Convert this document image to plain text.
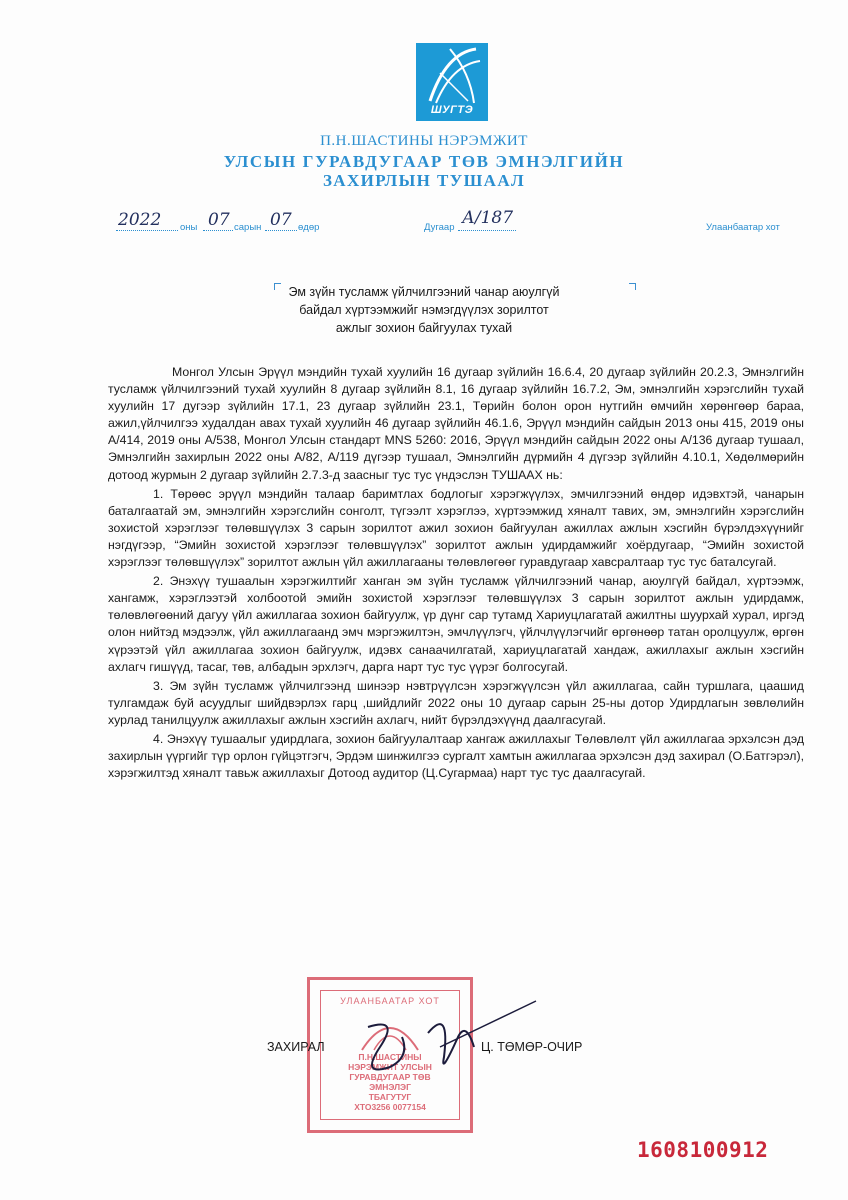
ШУГТЭ
П.Н.ШАСТИНЫ НЭРЭМЖИТ
УЛСЫН ГУРАВДУГААР ТӨВ ЭМНЭЛГИЙН
ЗАХИРЛЫН ТУШААЛ
2022 оны 07 сарын 07 өдөр	Дугаар А/187	Улаанбаатар хот
Эм зүйн тусламж үйлчилгээний чанар аюулгүй
байдал хүртээмжийг нэмэгдүүлэх зорилтот
ажлыг зохион байгуулах тухай

Монгол Улсын Эрүүл мэндийн тухай хуулийн 16 дугаар зүйлийн 16.6.4, 20 дугаар зүйлийн 20.2.3, Эмнэлгийн тусламж үйлчилгээний тухай хуулийн 8 дугаар зүйлийн 8.1, 16 дугаар зүйлийн 16.7.2, Эм, эмнэлгийн хэрэгслийн тухай хуулийн 17 дугээр зүйлийн 17.1, 23 дугаар зүйлийн 23.1, Төрийн болон орон нутгийн өмчийн хөрөнгөөр бараа, ажил,үйлчилгээ худалдан авах тухай хуулийн 46 дугаар зүйлийн 46.1.6, Эрүүл мэндийн сайдын 2013 оны 415, 2019 оны А/414, 2019 оны А/538, Монгол Улсын стандарт MNS 5260: 2016, Эрүүл мэндийн сайдын 2022 оны А/136 дугаар тушаал, Эмнэлгийн захирлын 2022 оны А/82, А/119 дүгээр тушаал, Эмнэлгийн дүрмийн 4 дүгээр зүйлийн 4.10.1, Хөдөлмөрийн дотоод журмын 2 дугаар зүйлийн 2.7.3-д заасныг тус тус үндэслэн ТУШААХ нь:

1. Төрөөс эрүүл мэндийн талаар баримтлах бодлогыг хэрэгжүүлэх, эмчилгээний өндөр идэвхтэй, чанарын баталгаатай эм, эмнэлгийн хэрэгслийн сонголт, түгээлт хэрэглээ, хүртээмжид хяналт тавих, эм, эмнэлгийн хэрэгслийн зохистой хэрэглээг төлөвшүүлэх 3 сарын зорилтот ажил зохион байгуулан ажиллах ажлын хэсгийн бүрэлдэхүүнийг нэгдүгээр, “Эмийн зохистой хэрэглээг төлөвшүүлэх” зорилтот ажлын удирдамжийг хоёрдугаар, “Эмийн зохистой хэрэглээг төлөвшүүлэх” зорилтот ажлын үйл ажиллагааны төлөвлөгөөг гуравдугаар хавсралтаар тус тус баталсугай.

2. Энэхүү тушаалын хэрэгжилтийг ханган эм зүйн тусламж үйлчилгээний чанар, аюулгүй байдал, хүртээмж, хангамж, хэрэглээтэй холбоотой эмийн зохистой хэрэглээг төлөвшүүлэх 3 сарын зорилтот ажлын удирдамж, төлөвлөгөөний дагуу үйл ажиллагаа зохион байгуулж, үр дүнг сар тутамд Хариуцлагатай ажилтны шуурхай хурал, иргэд олон нийтэд мэдээлж, үйл ажиллагаанд эмч мэргэжилтэн, эмчлүүлэгч, үйлчлүүлэгчийг өргөнөөр татан оролцуулж, өргөн хүрээтэй үйл ажиллагаа зохион байгуулж, идэвх санаачилгатай, хариуцлагатай хандаж, ажиллахыг ажлын хэсгийн ахлагч гишүүд, тасаг, төв, албадын эрхлэгч, дарга нарт тус тус үүрэг болгосугай.

3. Эм зүйн тусламж үйлчилгээнд шинээр нэвтрүүлсэн хэрэгжүүлсэн үйл ажиллагаа, сайн туршлага, цаашид тулгамдаж буй асуудлыг шийдвэрлэх гарц ,шийдлийг 2022 оны 10 дугаар сарын 25-ны дотор Удирдлагын зөвлөлийн хурлад танилцуулж ажиллахыг ажлын хэсгийн ахлагч, нийт бүрэлдэхүүнд даалгасугай.

4. Энэхүү тушаалыг удирдлага, зохион байгуулалтаар хангаж ажиллахыг Төлөвлөлт үйл ажиллагаа эрхэлсэн дэд захирлын үүргийг түр орлон гүйцэтгэгч, Эрдэм шинжилгээ сургалт хамтын ажиллагаа эрхэлсэн дэд захирал (О.Батгэрэл), хэрэгжилтэд хяналт тавьж ажиллахыг Дотоод аудитор (Ц.Сугармаа) нарт тус тус даалгасугай.

УЛААНБААТАР ХОТ
П.Н.ШАСТИНЫ
НЭРЭМЖИТ УЛСЫН
ГУРАВДУГААР ТӨВ
ЭМНЭЛЭГ
ТБАГУТУГ
ХТО3256 0077154
ЗАХИРАЛ	Ц. ТӨМӨР-ОЧИР
1608100912
